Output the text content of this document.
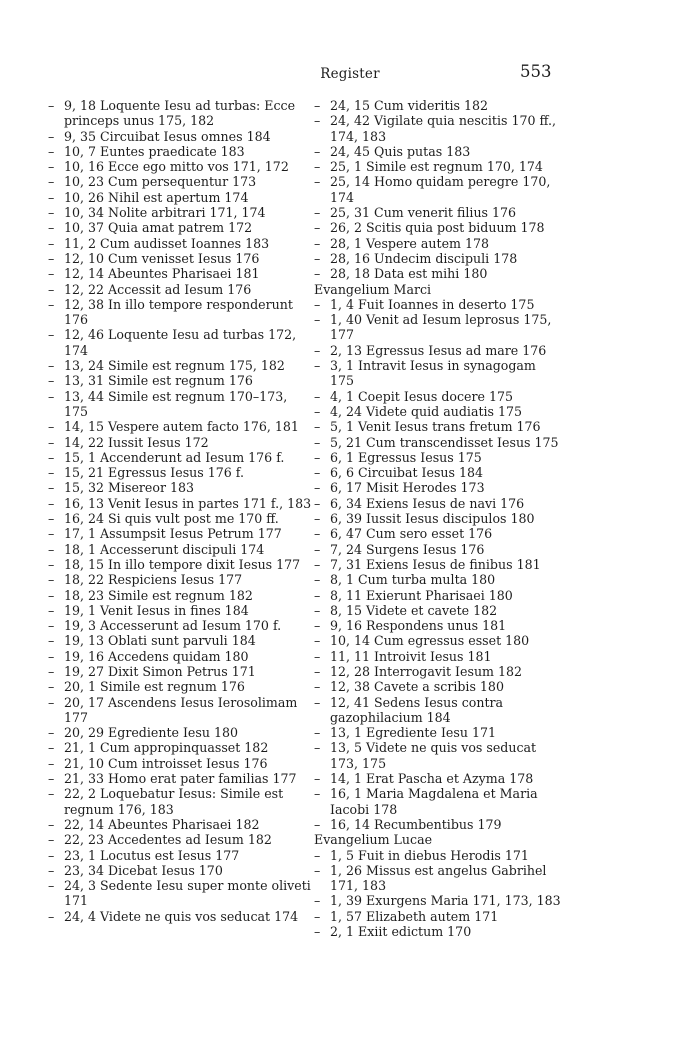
Register	553
– 9, 18 Loquente Iesu ad turbas: Ecce princeps unus 175, 182
– 9, 35 Circuibat Iesus omnes 184
– 10, 7 Euntes praedicate 183
– 10, 16 Ecce ego mitto vos 171, 172
– 10, 23 Cum persequentur 173
– 10, 26 Nihil est apertum 174
– 10, 34 Nolite arbitrari 171, 174
– 10, 37 Quia amat patrem 172
– 11, 2 Cum audisset Ioannes 183
– 12, 10 Cum venisset Iesus 176
– 12, 14 Abeuntes Pharisaei 181
– 12, 22 Accessit ad Iesum 176
– 12, 38 In illo tempore responderunt 176
– 12, 46 Loquente Iesu ad turbas 172, 174
– 13, 24 Simile est regnum 175, 182
– 13, 31 Simile est regnum 176
– 13, 44 Simile est regnum 170–173, 175
– 14, 15 Vespere autem facto 176, 181
– 14, 22 Iussit Iesus 172
– 15, 1 Accenderunt ad Iesum 176 f.
– 15, 21 Egressus Iesus 176 f.
– 15, 32 Misereor 183
– 16, 13 Venit Iesus in partes 171 f., 183
– 16, 24 Si quis vult post me 170 ff.
– 17, 1 Assumpsit Iesus Petrum 177
– 18, 1 Accesserunt discipuli 174
– 18, 15 In illo tempore dixit Iesus 177
– 18, 22 Respiciens Iesus 177
– 18, 23 Simile est regnum 182
– 19, 1 Venit Iesus in fines 184
– 19, 3 Accesserunt ad Iesum 170 f.
– 19, 13 Oblati sunt parvuli 184
– 19, 16 Accedens quidam 180
– 19, 27 Dixit Simon Petrus 171
– 20, 1 Simile est regnum 176
– 20, 17 Ascendens Iesus Ierosolimam 177
– 20, 29 Egrediente Iesu 180
– 21, 1 Cum appropinquasset 182
– 21, 10 Cum introisset Iesus 176
– 21, 33 Homo erat pater familias 177
– 22, 2 Loquebatur Iesus: Simile est regnum 176, 183
– 22, 14 Abeuntes Pharisaei 182
– 22, 23 Accedentes ad Iesum 182
– 23, 1 Locutus est Iesus 177
– 23, 34 Dicebat Iesus 170
– 24, 3 Sedente Iesu super monte oliveti 171
– 24, 4 Videte ne quis vos seducat 174
– 24, 15 Cum videritis 182
– 24, 42 Vigilate quia nescitis 170 ff., 174, 183
– 24, 45 Quis putas 183
– 25, 1 Simile est regnum 170, 174
– 25, 14 Homo quidam peregre 170, 174
– 25, 31 Cum venerit filius 176
– 26, 2 Scitis quia post biduum 178
– 28, 1 Vespere autem 178
– 28, 16 Undecim discipuli 178
– 28, 18 Data est mihi 180
Evangelium Marci
– 1, 4 Fuit Ioannes in deserto 175
– 1, 40 Venit ad Iesum leprosus 175, 177
– 2, 13 Egressus Iesus ad mare 176
– 3, 1 Intravit Iesus in synagogam 175
– 4, 1 Coepit Iesus docere 175
– 4, 24 Videte quid audiatis 175
– 5, 1 Venit Iesus trans fretum 176
– 5, 21 Cum transcendisset Iesus 175
– 6, 1 Egressus Iesus 175
– 6, 6 Circuibat Iesus 184
– 6, 17 Misit Herodes 173
– 6, 34 Exiens Iesus de navi 176
– 6, 39 Iussit Iesus discipulos 180
– 6, 47 Cum sero esset 176
– 7, 24 Surgens Iesus 176
– 7, 31 Exiens Iesus de finibus 181
– 8, 1 Cum turba multa 180
– 8, 11 Exierunt Pharisaei 180
– 8, 15 Videte et cavete 182
– 9, 16 Respondens unus 181
– 10, 14 Cum egressus esset 180
– 11, 11 Introivit Iesus 181
– 12, 28 Interrogavit Iesum 182
– 12, 38 Cavete a scribis 180
– 12, 41 Sedens Iesus contra gazophilacium 184
– 13, 1 Egrediente Iesu 171
– 13, 5 Videte ne quis vos seducat 173, 175
– 14, 1 Erat Pascha et Azyma 178
– 16, 1 Maria Magdalena et Maria Iacobi 178
– 16, 14 Recumbentibus 179
Evangelium Lucae
– 1, 5 Fuit in diebus Herodis 171
– 1, 26 Missus est angelus Gabrihel 171, 183
– 1, 39 Exurgens Maria 171, 173, 183
– 1, 57 Elizabeth autem 171
– 2, 1 Exiit edictum 170
